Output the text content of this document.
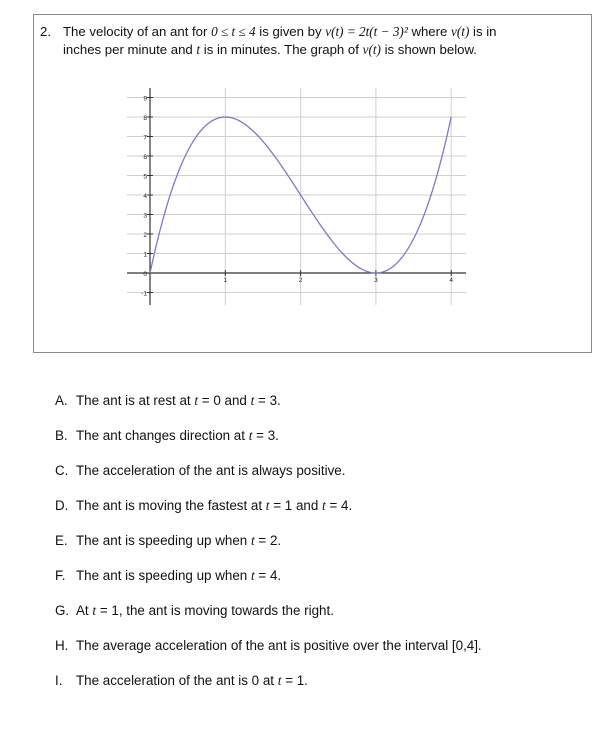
2. The velocity of an ant for 0 ≤ t ≤ 4 is given by v(t) = 2t(t − 3)² where v(t) is in
inches per minute and t is in minutes. The graph of v(t) is shown below.
-1
0
1
2
3
4
5
6
7
8
9
1	2	3	4
A. The ant is at rest at t = 0 and t = 3.
B. The ant changes direction at t = 3.
C. The acceleration of the ant is always positive.
D. The ant is moving the fastest at t = 1 and t = 4.
E. The ant is speeding up when t = 2.
F. The ant is speeding up when t = 4.
G. At t = 1, the ant is moving towards the right.
H. The average acceleration of the ant is positive over the interval [0,4].
I. The acceleration of the ant is 0 at t = 1.
